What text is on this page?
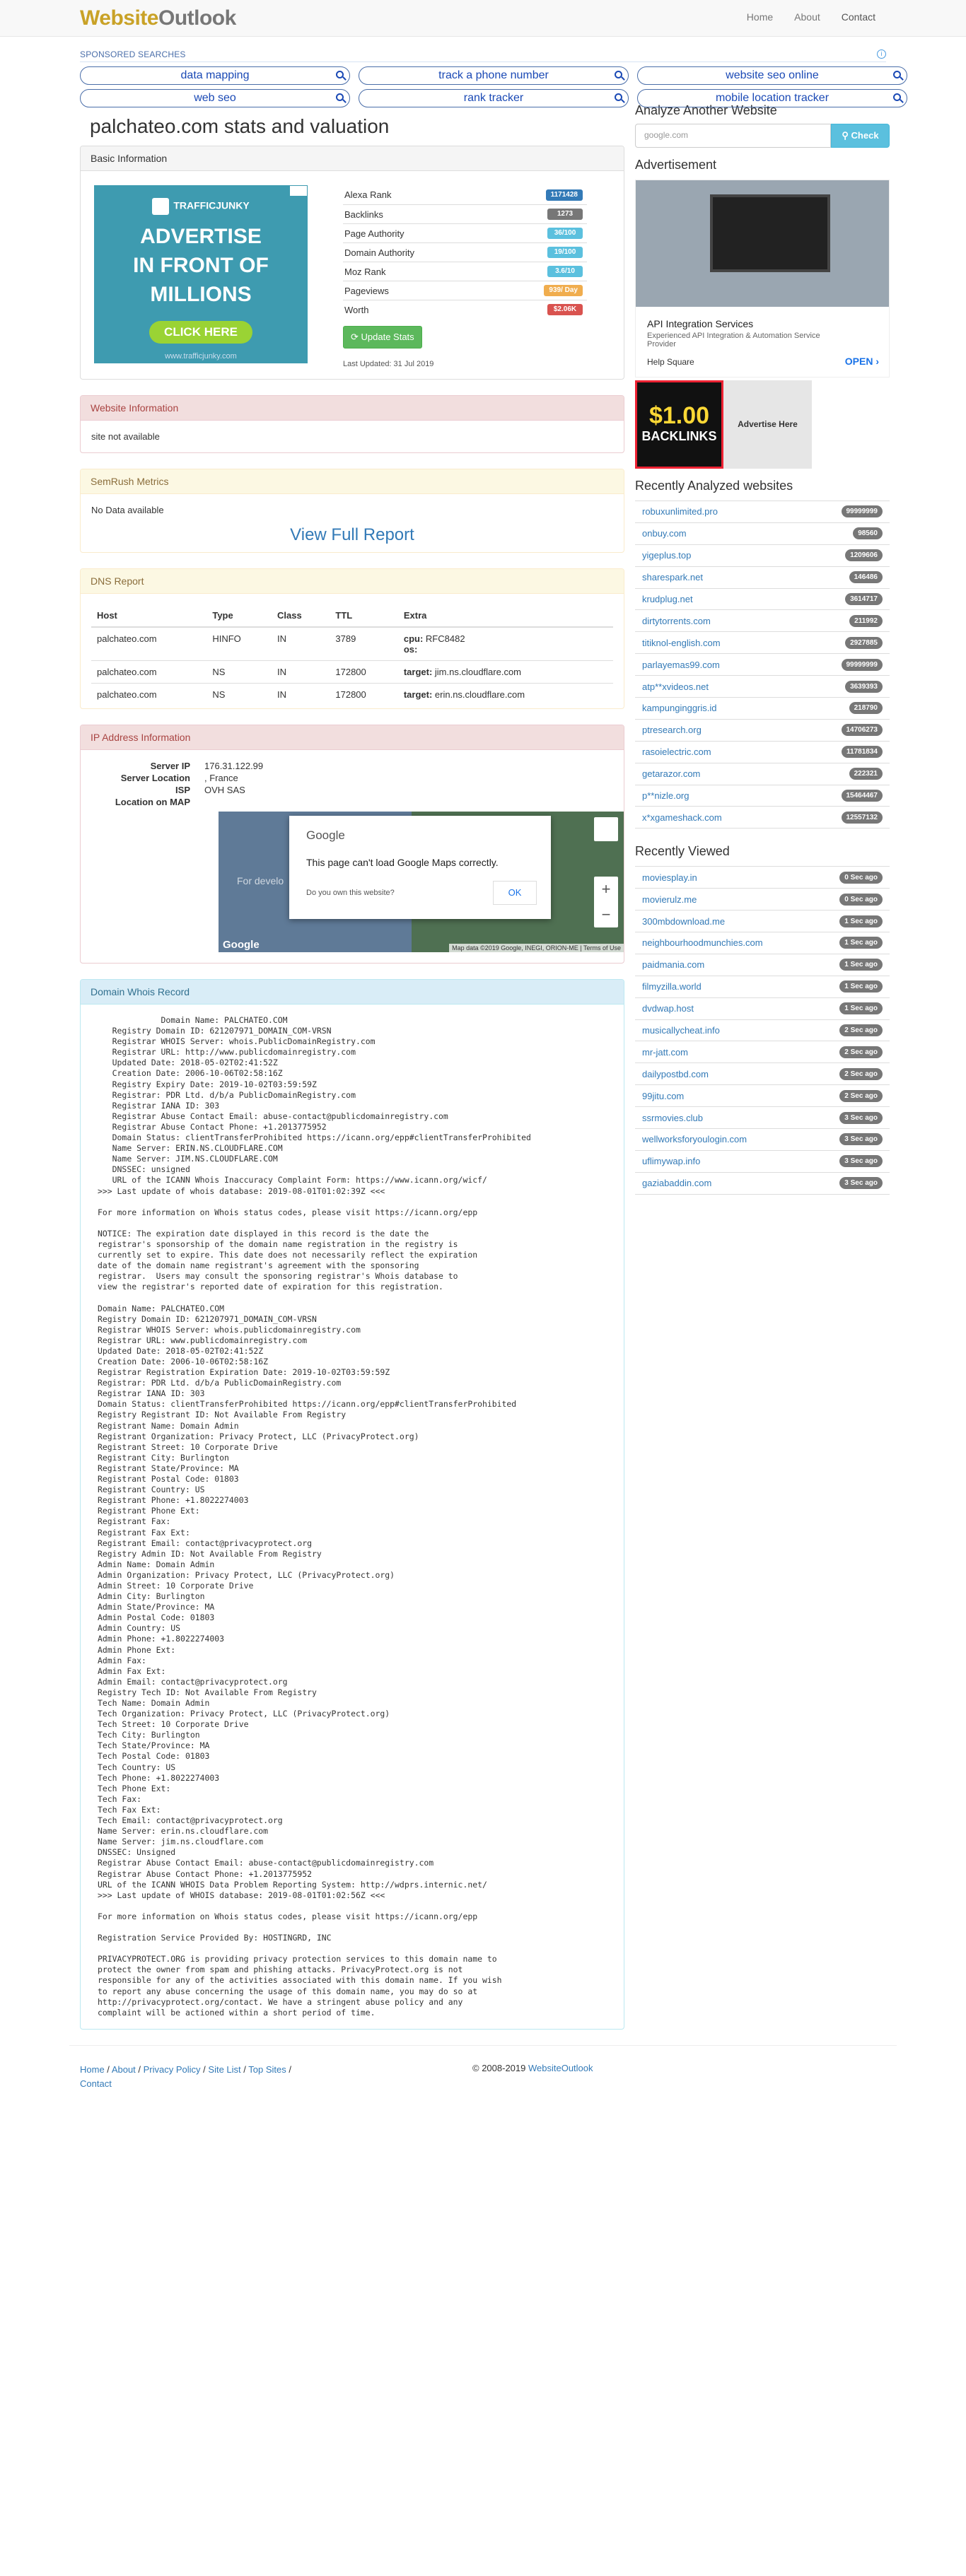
WebsiteOutlook	Home	About	Contact
SPONSORED SEARCHES	i
data mapping	track a phone number	website seo online
web seo	rank tracker	mobile location tracker
palchateo.com stats and valuation
Basic Information
TRAFFICJUNKY
ADVERTISE
IN FRONT OF
MILLIONS
CLICK HERE
www.trafficjunky.com
Alexa Rank	1171428
Backlinks	1273
Page Authority	36/100
Domain Authority	19/100
Moz Rank	3.6/10
Pageviews	939/ Day
Worth	$2.06K
⟳ Update Stats
Last Updated: 31 Jul 2019
Website Information
site not available
SemRush Metrics
No Data available
View Full Report
DNS Report
Host	Type	Class	TTL	Extra
palchateo.com	HINFO	IN	3789	cpu: RFC8482
os:
palchateo.com	NS	IN	172800	target: jim.ns.cloudflare.com
palchateo.com	NS	IN	172800	target: erin.ns.cloudflare.com
IP Address Information
Server IP	176.31.122.99
Server Location	, France
ISP	OVH SAS
Location on MAP
For develo
Google
This page can't load Google Maps correctly.
Do you own this website?	OK	+
−
Google	Map data ©2019 Google, INEGI, ORION-ME | Terms of Use
Domain Whois Record
Domain Name: PALCHATEO.COM
Registry Domain ID: 621207971_DOMAIN_COM-VRSN
Registrar WHOIS Server: whois.PublicDomainRegistry.com
Registrar URL: http://www.publicdomainregistry.com
Updated Date: 2018-05-02T02:41:52Z
Creation Date: 2006-10-06T02:58:16Z
Registry Expiry Date: 2019-10-02T03:59:59Z
Registrar: PDR Ltd. d/b/a PublicDomainRegistry.com
Registrar IANA ID: 303
Registrar Abuse Contact Email: abuse-contact@publicdomainregistry.com
Registrar Abuse Contact Phone: +1.2013775952
Domain Status: clientTransferProhibited https://icann.org/epp#clientTransferProhibited
Name Server: ERIN.NS.CLOUDFLARE.COM
Name Server: JIM.NS.CLOUDFLARE.COM
DNSSEC: unsigned
URL of the ICANN Whois Inaccuracy Complaint Form: https://www.icann.org/wicf/
>>> Last update of whois database: 2019-08-01T01:02:39Z <<<

For more information on Whois status codes, please visit https://icann.org/epp

NOTICE: The expiration date displayed in this record is the date the
registrar's sponsorship of the domain name registration in the registry is
currently set to expire. This date does not necessarily reflect the expiration
date of the domain name registrant's agreement with the sponsoring
registrar.  Users may consult the sponsoring registrar's Whois database to
view the registrar's reported date of expiration for this registration.

Domain Name: PALCHATEO.COM
Registry Domain ID: 621207971_DOMAIN_COM-VRSN
Registrar WHOIS Server: whois.publicdomainregistry.com
Registrar URL: www.publicdomainregistry.com
Updated Date: 2018-05-02T02:41:52Z
Creation Date: 2006-10-06T02:58:16Z
Registrar Registration Expiration Date: 2019-10-02T03:59:59Z
Registrar: PDR Ltd. d/b/a PublicDomainRegistry.com
Registrar IANA ID: 303
Domain Status: clientTransferProhibited https://icann.org/epp#clientTransferProhibited
Registry Registrant ID: Not Available From Registry
Registrant Name: Domain Admin
Registrant Organization: Privacy Protect, LLC (PrivacyProtect.org)
Registrant Street: 10 Corporate Drive
Registrant City: Burlington
Registrant State/Province: MA
Registrant Postal Code: 01803
Registrant Country: US
Registrant Phone: +1.8022274003
Registrant Phone Ext:
Registrant Fax:
Registrant Fax Ext:
Registrant Email: contact@privacyprotect.org
Registry Admin ID: Not Available From Registry
Admin Name: Domain Admin
Admin Organization: Privacy Protect, LLC (PrivacyProtect.org)
Admin Street: 10 Corporate Drive
Admin City: Burlington
Admin State/Province: MA
Admin Postal Code: 01803
Admin Country: US
Admin Phone: +1.8022274003
Admin Phone Ext:
Admin Fax:
Admin Fax Ext:
Admin Email: contact@privacyprotect.org
Registry Tech ID: Not Available From Registry
Tech Name: Domain Admin
Tech Organization: Privacy Protect, LLC (PrivacyProtect.org)
Tech Street: 10 Corporate Drive
Tech City: Burlington
Tech State/Province: MA
Tech Postal Code: 01803
Tech Country: US
Tech Phone: +1.8022274003
Tech Phone Ext:
Tech Fax:
Tech Fax Ext:
Tech Email: contact@privacyprotect.org
Name Server: erin.ns.cloudflare.com
Name Server: jim.ns.cloudflare.com
DNSSEC: Unsigned
Registrar Abuse Contact Email: abuse-contact@publicdomainregistry.com
Registrar Abuse Contact Phone: +1.2013775952
URL of the ICANN WHOIS Data Problem Reporting System: http://wdprs.internic.net/
>>> Last update of WHOIS database: 2019-08-01T01:02:56Z <<<

For more information on Whois status codes, please visit https://icann.org/epp

Registration Service Provided By: HOSTINGRD, INC

PRIVACYPROTECT.ORG is providing privacy protection services to this domain name to
protect the owner from spam and phishing attacks. PrivacyProtect.org is not
responsible for any of the activities associated with this domain name. If you wish
to report any abuse concerning the usage of this domain name, you may do so at
http://privacyprotect.org/contact. We have a stringent abuse policy and any
complaint will be actioned within a short period of time.
Analyze Another Website
google.com	⚲ Check
Advertisement
API Integration Services
Experienced API Integration & Automation Service Provider
Help Square	OPEN ›
$1.00
BACKLINKS
Advertise Here
Recently Analyzed websites
robuxunlimited.pro	99999999
onbuy.com	98560
yigeplus.top	1209606
sharespark.net	146486
krudplug.net	3614717
dirtytorrents.com	211992
titiknol-english.com	2927885
parlayemas99.com	99999999
atp**xvideos.net	3639393
kampunginggris.id	218790
ptresearch.org	14706273
rasoielectric.com	11781834
getarazor.com	222321
p**nizle.org	15464467
x*xgameshack.com	12557132
Recently Viewed
moviesplay.in	0 Sec ago
movierulz.me	0 Sec ago
300mbdownload.me	1 Sec ago
neighbourhoodmunchies.com	1 Sec ago
paidmania.com	1 Sec ago
filmyzilla.world	1 Sec ago
dvdwap.host	1 Sec ago
musicallycheat.info	2 Sec ago
mr-jatt.com	2 Sec ago
dailypostbd.com	2 Sec ago
99jitu.com	2 Sec ago
ssrmovies.club	3 Sec ago
wellworksforyoulogin.com	3 Sec ago
uflimywap.info	3 Sec ago
gaziabaddin.com	3 Sec ago
Home / About / Privacy Policy / Site List / Top Sites /
Contact
© 2008-2019 WebsiteOutlook
